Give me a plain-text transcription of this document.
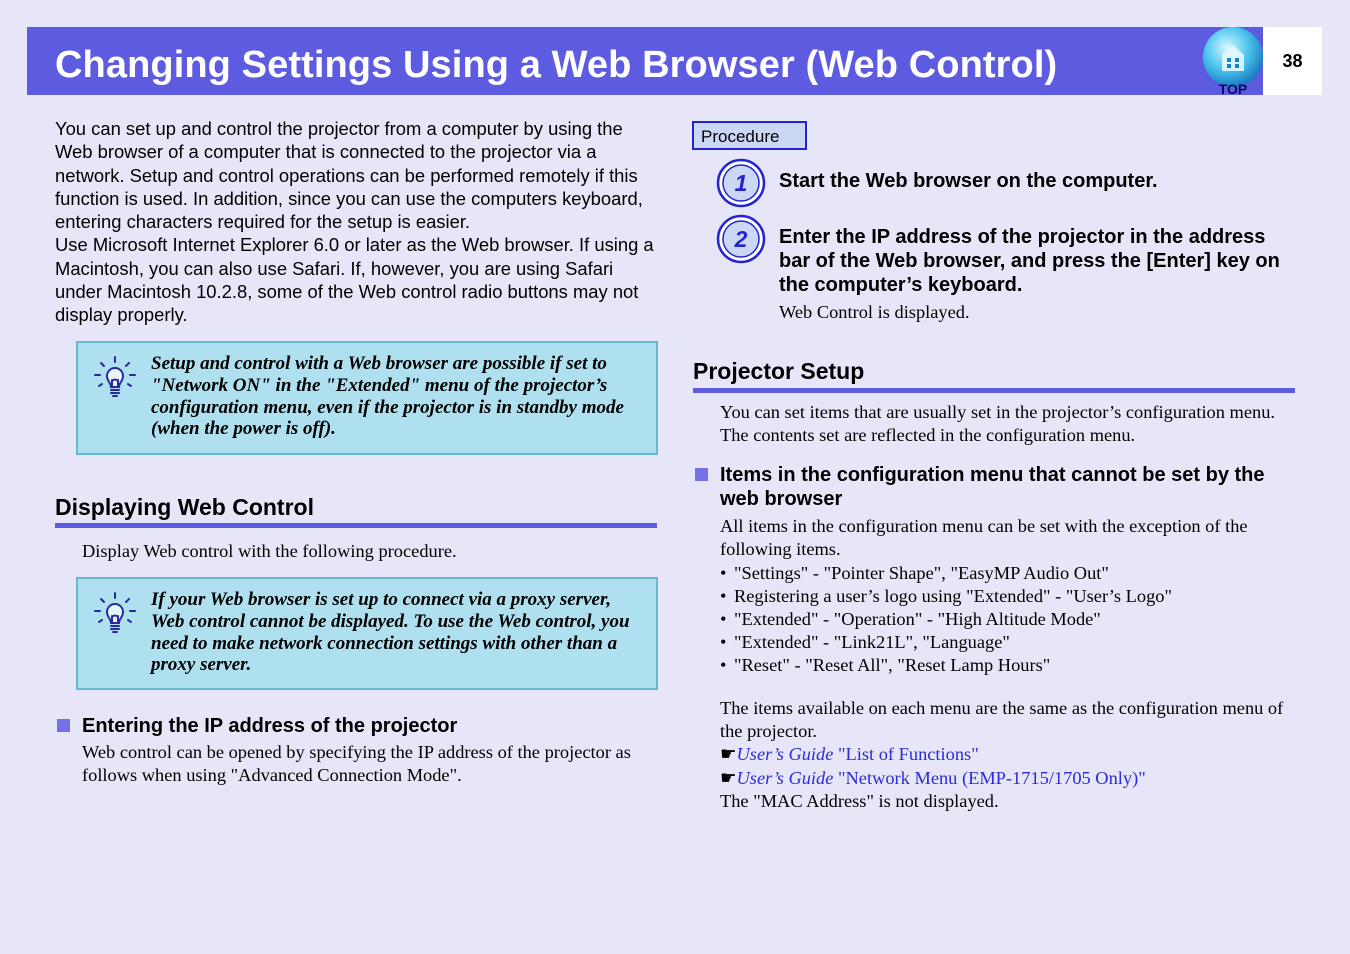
Changing Settings Using a Web Browser (Web Control)	38
TOP
You can set up and control the projector from a computer by using the Web browser of a computer that is connected to the projector via a network. Setup and control operations can be performed remotely if this function is used. In addition, since you can use the computers keyboard, entering characters required for the setup is easier.
Use Microsoft Internet Explorer 6.0 or later as the Web browser. If using a Macintosh, you can also use Safari. If, however, you are using Safari under Macintosh 10.2.8, some of the Web control radio buttons may not display properly.

Setup and control with a Web browser are possible if set to "Network ON" in the "Extended" menu of the projector’s configuration menu, even if the projector is in standby mode (when the power is off).

Displaying Web Control
Display Web control with the following procedure.

If your Web browser is set up to connect via a proxy server, Web control cannot be displayed. To use the Web control, you need to make network connection settings with other than a proxy server.

Entering the IP address of the projector
Web control can be opened by specifying the IP address of the projector as follows when using "Advanced Connection Mode".
Procedure
1 Start the Web browser on the computer.
2 Enter the IP address of the projector in the address bar of the Web browser, and press the [Enter] key on the computer’s keyboard.
Web Control is displayed.
Projector Setup
You can set items that are usually set in the projector’s configuration menu. The contents set are reflected in the configuration menu.
Items in the configuration menu that cannot be set by the web browser
All items in the configuration menu can be set with the exception of the following items.
• "Settings" - "Pointer Shape", "EasyMP Audio Out"
• Registering a user’s logo using "Extended" - "User’s Logo"
• "Extended" - "Operation" - "High Altitude Mode"
• "Extended" - "Link21L", "Language"
• "Reset" - "Reset All", "Reset Lamp Hours"
The items available on each menu are the same as the configuration menu of the projector.
☛User’s Guide "List of Functions"
☛User’s Guide "Network Menu (EMP-1715/1705 Only)"
The "MAC Address" is not displayed.
